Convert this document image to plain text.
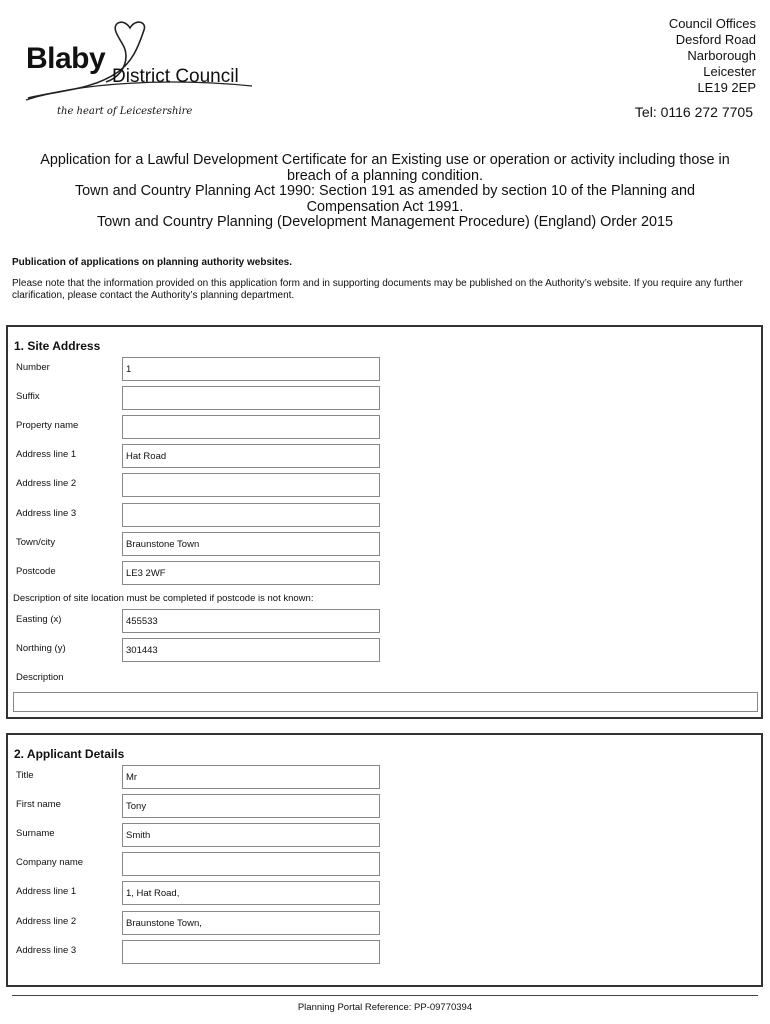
Blaby
District Council
the heart of Leicestershire
Council Offices
Desford Road
Narborough
Leicester
LE19 2EP
Tel: 0116 272 7705
Application for a Lawful Development Certificate for an Existing use or operation or activity including those in
breach of a planning condition.
Town and Country Planning Act 1990: Section 191 as amended by section 10 of the Planning and
Compensation Act 1991.
Town and Country Planning (Development Management Procedure) (England) Order 2015
Publication of applications on planning authority websites.
Please note that the information provided on this application form and in supporting documents may be published on the Authority’s website. If you require any further clarification, please contact the Authority’s planning department.
1. Site Address
Number	1
Suffix
Property name
Address line 1	Hat Road
Address line 2
Address line 3
Town/city	Braunstone Town
Postcode	LE3 2WF
Description of site location must be completed if postcode is not known:
Easting (x)	455533
Northing (y)	301443
Description
2. Applicant Details
Title	Mr
First name	Tony
Surname	Smith
Company name
Address line 1	1, Hat Road,
Address line 2	Braunstone Town,
Address line 3
Planning Portal Reference: PP-09770394
